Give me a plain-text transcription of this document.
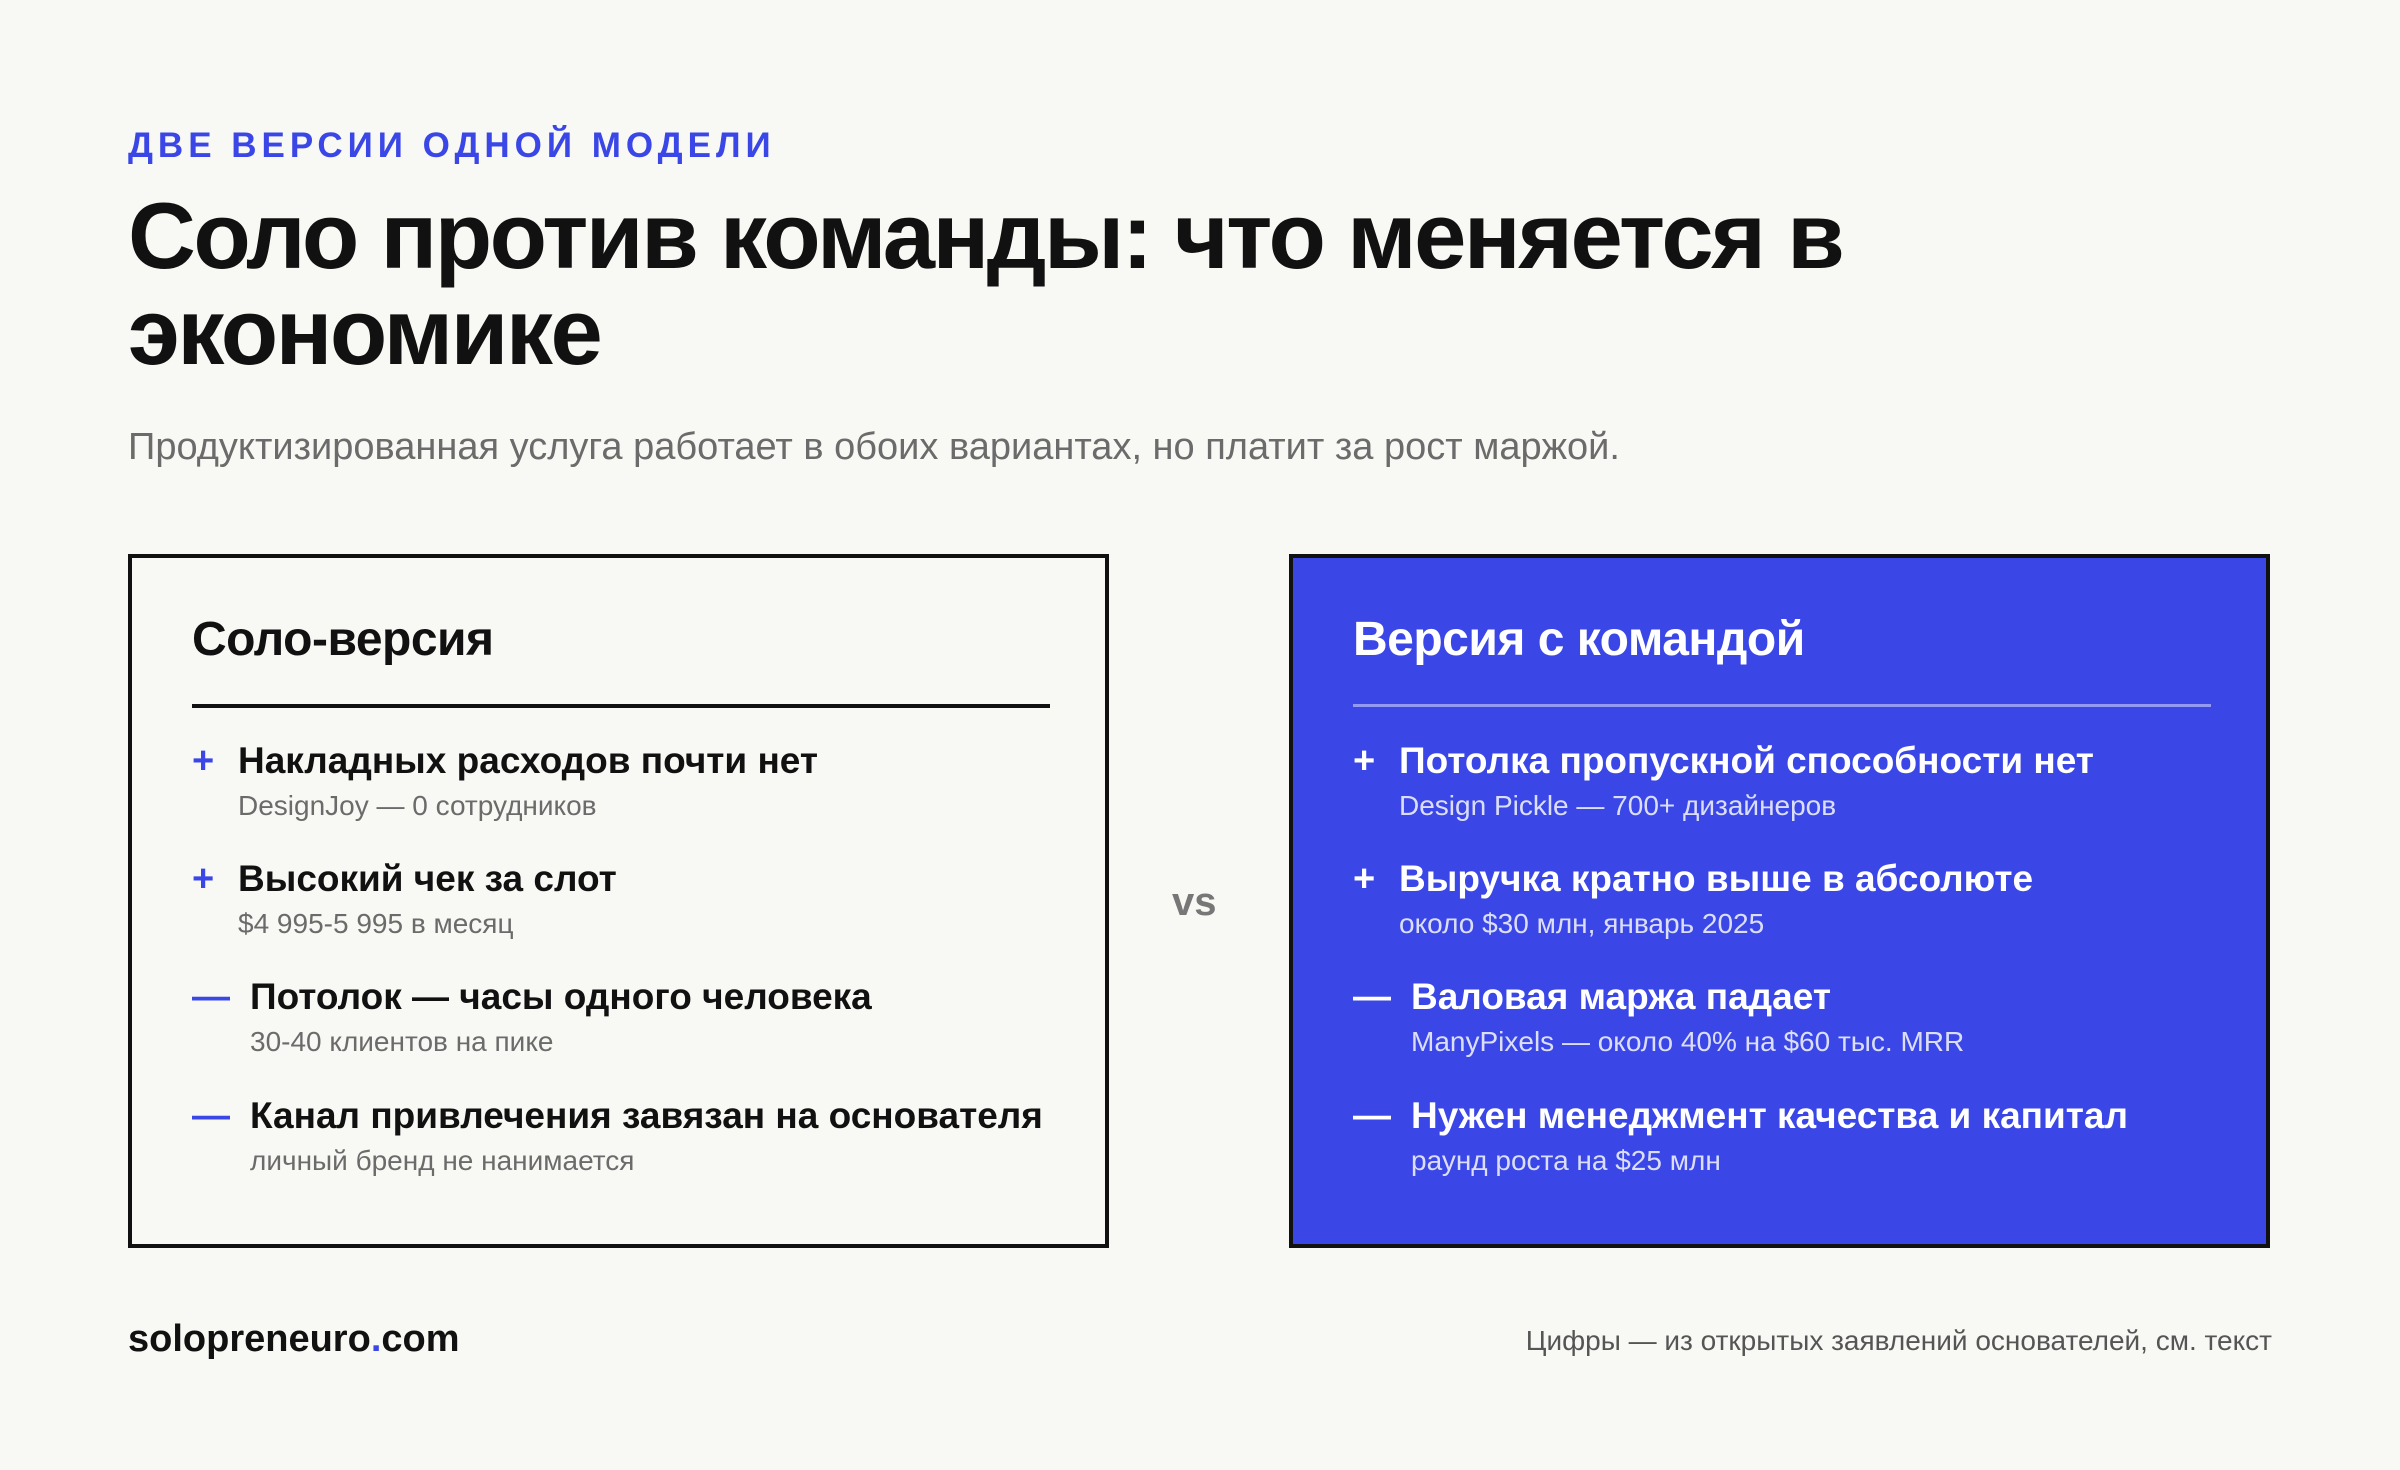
ДВЕ ВЕРСИИ ОДНОЙ МОДЕЛИ
Соло против команды: что меняется в экономике

Продуктизированная услуга работает в обоих вариантах, но платит за рост маржой.

Соло-версия
+ Накладных расходов почти нет
DesignJoy — 0 сотрудников
+ Высокий чек за слот
$4 995-5 995 в месяц
— Потолок — часы одного человека
30-40 клиентов на пике
— Канал привлечения завязан на основателя
личный бренд не нанимается
vs
Версия с командой
+ Потолка пропускной способности нет
Design Pickle — 700+ дизайнеров
+ Выручка кратно выше в абсолюте
около $30 млн, январь 2025
— Валовая маржа падает
ManyPixels — около 40% на $60 тыс. MRR
— Нужен менеджмент качества и капитал
раунд роста на $25 млн
solopreneuro.com	Цифры — из открытых заявлений основателей, см. текст
